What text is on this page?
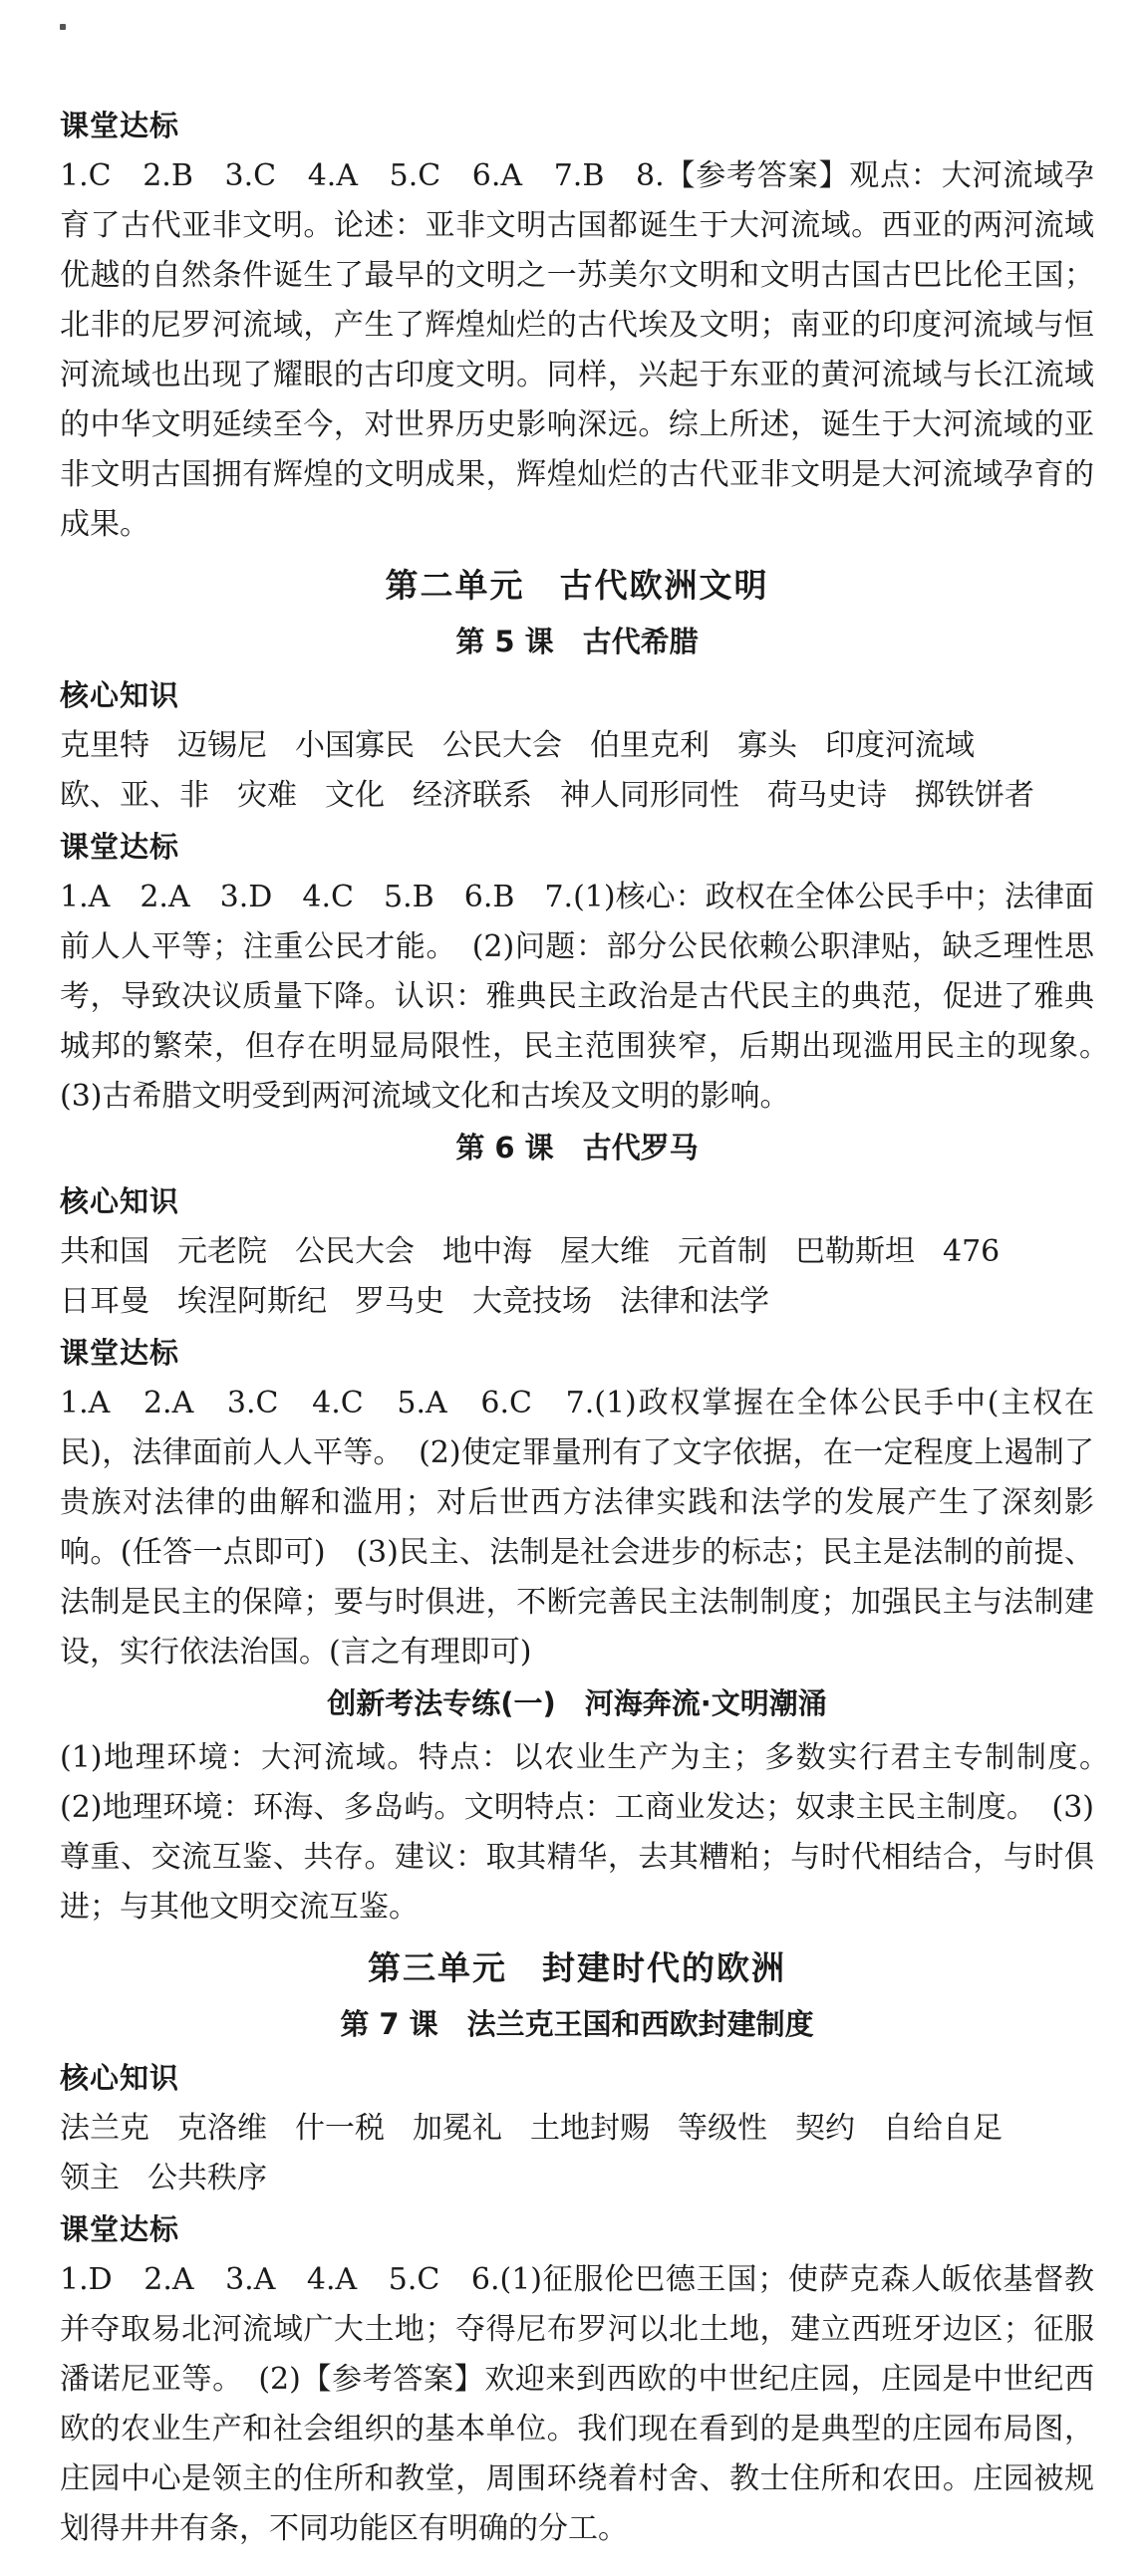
课堂达标

1.C　2.B　3.C　4.A　5.C　6.A　7.B　8.【参考答案】观点：大河流域孕育了古代亚非文明。论述：亚非文明古国都诞生于大河流域。西亚的两河流域优越的自然条件诞生了最早的文明之一苏美尔文明和文明古国古巴比伦王国；北非的尼罗河流域，产生了辉煌灿烂的古代埃及文明；南亚的印度河流域与恒河流域也出现了耀眼的古印度文明。同样，兴起于东亚的黄河流域与长江流域的中华文明延续至今，对世界历史影响深远。综上所述，诞生于大河流域的亚非文明古国拥有辉煌的文明成果，辉煌灿烂的古代亚非文明是大河流域孕育的成果。

第二单元　古代欧洲文明
第 5 课　古代希腊
核心知识

克里特 迈锡尼 小国寡民 公民大会 伯里克利 寡头 印度河流域欧、亚、非 灾难 文化 经济联系 神人同形同性 荷马史诗 掷铁饼者

课堂达标

1.A　2.A　3.D　4.C　5.B　6.B　7.(1)核心：政权在全体公民手中；法律面前人人平等；注重公民才能。　(2)问题：部分公民依赖公职津贴，缺乏理性思考，导致决议质量下降。认识：雅典民主政治是古代民主的典范，促进了雅典城邦的繁荣，但存在明显局限性，民主范围狭窄，后期出现滥用民主的现象。　(3)古希腊文明受到两河流域文化和古埃及文明的影响。

第 6 课　古代罗马
核心知识

共和国 元老院 公民大会 地中海 屋大维 元首制 巴勒斯坦 476日耳曼 埃涅阿斯纪 罗马史 大竞技场 法律和法学

课堂达标

1.A　2.A　3.C　4.C　5.A　6.C　7.(1)政权掌握在全体公民手中(主权在民)，法律面前人人平等。　(2)使定罪量刑有了文字依据，在一定程度上遏制了贵族对法律的曲解和滥用；对后世西方法律实践和法学的发展产生了深刻影响。(任答一点即可)　(3)民主、法制是社会进步的标志；民主是法制的前提、法制是民主的保障；要与时俱进，不断完善民主法制制度；加强民主与法制建设，实行依法治国。(言之有理即可)

创新考法专练(一)　河海奔流·文明潮涌

(1)地理环境：大河流域。特点：以农业生产为主；多数实行君主专制制度。　(2)地理环境：环海、多岛屿。文明特点：工商业发达；奴隶主民主制度。　(3)尊重、交流互鉴、共存。建议：取其精华，去其糟粕；与时代相结合，与时俱进；与其他文明交流互鉴。

第三单元　封建时代的欧洲
第 7 课　法兰克王国和西欧封建制度
核心知识

法兰克 克洛维 什一税 加冕礼 土地封赐 等级性 契约 自给自足领主 公共秩序

课堂达标

1.D　2.A　3.A　4.A　5.C　6.(1)征服伦巴德王国；使萨克森人皈依基督教并夺取易北河流域广大土地；夺得尼布罗河以北土地，建立西班牙边区；征服潘诺尼亚等。　(2)【参考答案】欢迎来到西欧的中世纪庄园，庄园是中世纪西欧的农业生产和社会组织的基本单位。我们现在看到的是典型的庄园布局图，庄园中心是领主的住所和教堂，周围环绕着村舍、教士住所和农田。庄园被规划得井井有条，不同功能区有明确的分工。
